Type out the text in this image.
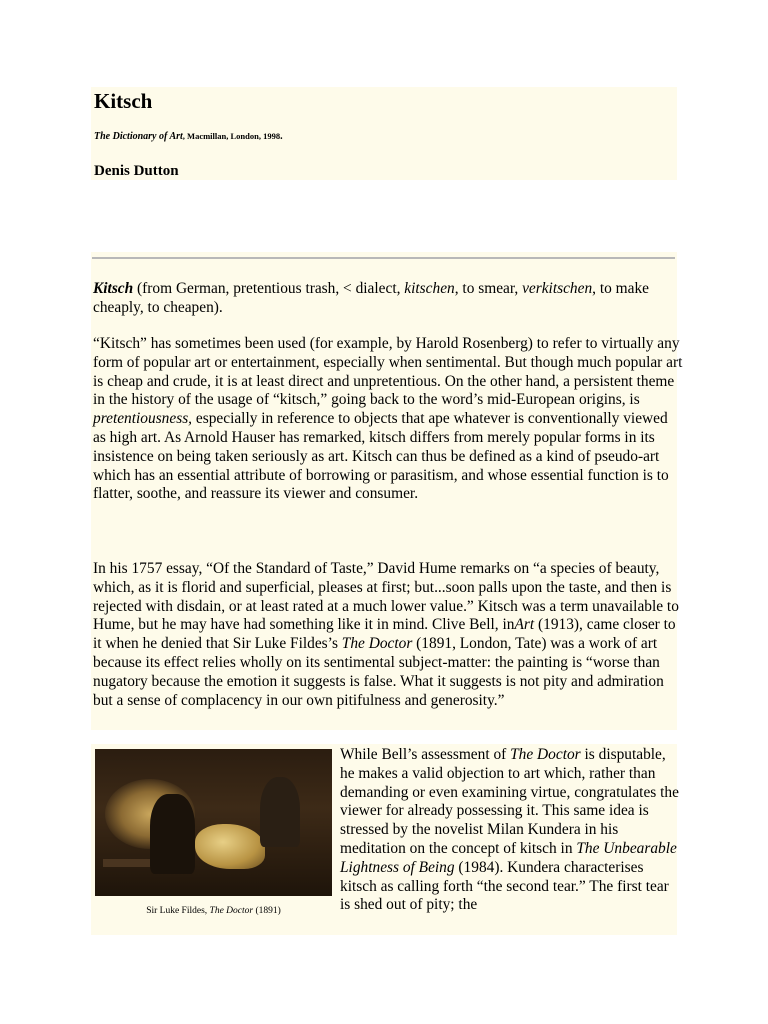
Kitsch
The Dictionary of Art, Macmillan, London, 1998.
Denis Dutton

Kitsch (from German, pretentious trash, < dialect, kitschen, to smear, verkitschen, to make cheaply, to cheapen).

“Kitsch” has sometimes been used (for example, by Harold Rosenberg) to refer to virtually any form of popular art or entertainment, especially when sentimental. But though much popular art is cheap and crude, it is at least direct and unpretentious. On the other hand, a persistent theme in the history of the usage of “kitsch,” going back to the word’s mid-European origins, is pretentiousness, especially in reference to objects that ape whatever is conventionally viewed as high art. As Arnold Hauser has remarked, kitsch differs from merely popular forms in its insistence on being taken seriously as art. Kitsch can thus be defined as a kind of pseudo-art which has an essential attribute of borrowing or parasitism, and whose essential function is to flatter, soothe, and reassure its viewer and consumer.

In his 1757 essay, “Of the Standard of Taste,” David Hume remarks on “a species of beauty, which, as it is florid and superficial, pleases at first; but...soon palls upon the taste, and then is rejected with disdain, or at least rated at a much lower value.” Kitsch was a term unavailable to Hume, but he may have had something like it in mind. Clive Bell, inArt (1913), came closer to it when he denied that Sir Luke Fildes’s The Doctor (1891, London, Tate) was a work of art because its effect relies wholly on its sentimental subject-matter: the painting is “worse than nugatory because the emotion it suggests is false. What it suggests is not pity and admiration but a sense of complacency in our own pitifulness and generosity.”

Sir Luke Fildes, The Doctor (1891)

While Bell’s assessment of The Doctor is disputable, he makes a valid objection to art which, rather than demanding or even examining virtue, congratulates the viewer for already possessing it. This same idea is stressed by the novelist Milan Kundera in his meditation on the concept of kitsch in The Unbearable Lightness of Being (1984). Kundera characterises kitsch as calling forth “the second tear.” The first tear is shed out of pity; the
